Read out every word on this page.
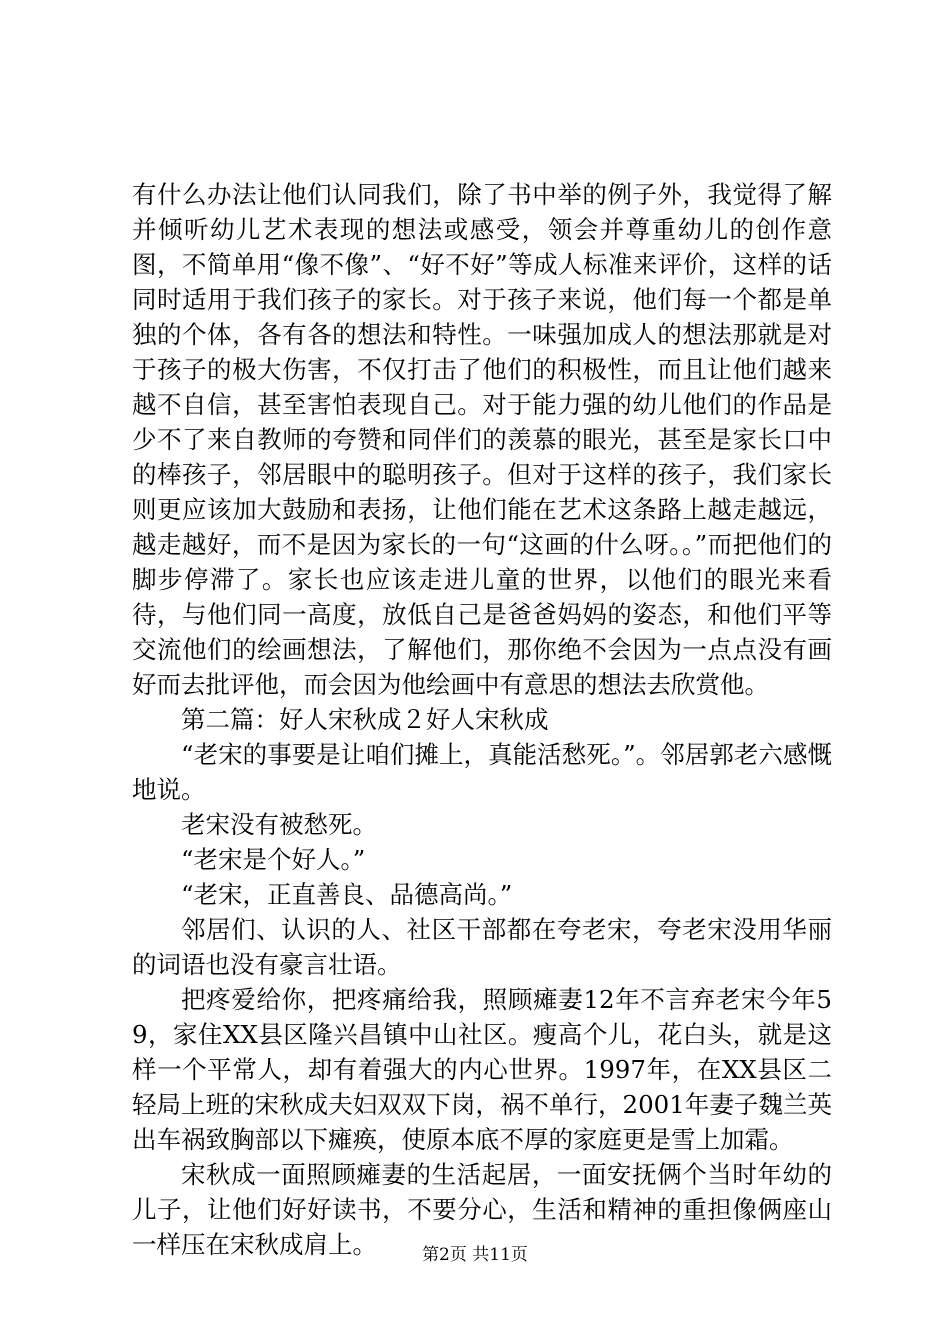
有什么办法让他们认同我们，除了书中举的例子外，我觉得了解并倾听幼儿艺术表现的想法或感受，领会并尊重幼儿的创作意图，不简单用“像不像”、“好不好”等成人标准来评价，这样的话同时适用于我们孩子的家长。对于孩子来说，他们每一个都是单独的个体，各有各的想法和特性。一味强加成人的想法那就是对于孩子的极大伤害，不仅打击了他们的积极性，而且让他们越来越不自信，甚至害怕表现自己。对于能力强的幼儿他们的作品是少不了来自教师的夸赞和同伴们的羡慕的眼光，甚至是家长口中的棒孩子，邻居眼中的聪明孩子。但对于这样的孩子，我们家长则更应该加大鼓励和表扬，让他们能在艺术这条路上越走越远，越走越好，而不是因为家长的一句“这画的什么呀。。”而把他们的脚步停滞了。家长也应该走进儿童的世界，以他们的眼光来看待，与他们同一高度，放低自己是爸爸妈妈的姿态，和他们平等交流他们的绘画想法，了解他们，那你绝不会因为一点点没有画好而去批评他，而会因为他绘画中有意思的想法去欣赏他。

第二篇：好人宋秋成２好人宋秋成

“老宋的事要是让咱们摊上，真能活愁死。”。邻居郭老六感慨地说。

老宋没有被愁死。

“老宋是个好人。”

“老宋，正直善良、品德高尚。”

邻居们、认识的人、社区干部都在夸老宋，夸老宋没用华丽的词语也没有豪言壮语。

把疼爱给你，把疼痛给我，照顾瘫妻12年不言弃老宋今年59，家住XX县区隆兴昌镇中山社区。瘦高个儿，花白头，就是这样一个平常人，却有着强大的内心世界。1997年，在XX县区二轻局上班的宋秋成夫妇双双下岗，祸不单行，2001年妻子魏兰英出车祸致胸部以下瘫痪，使原本底不厚的家庭更是雪上加霜。

宋秋成一面照顾瘫妻的生活起居，一面安抚俩个当时年幼的儿子，让他们好好读书，不要分心，生活和精神的重担像俩座山一样压在宋秋成肩上。	第2页 共11页
